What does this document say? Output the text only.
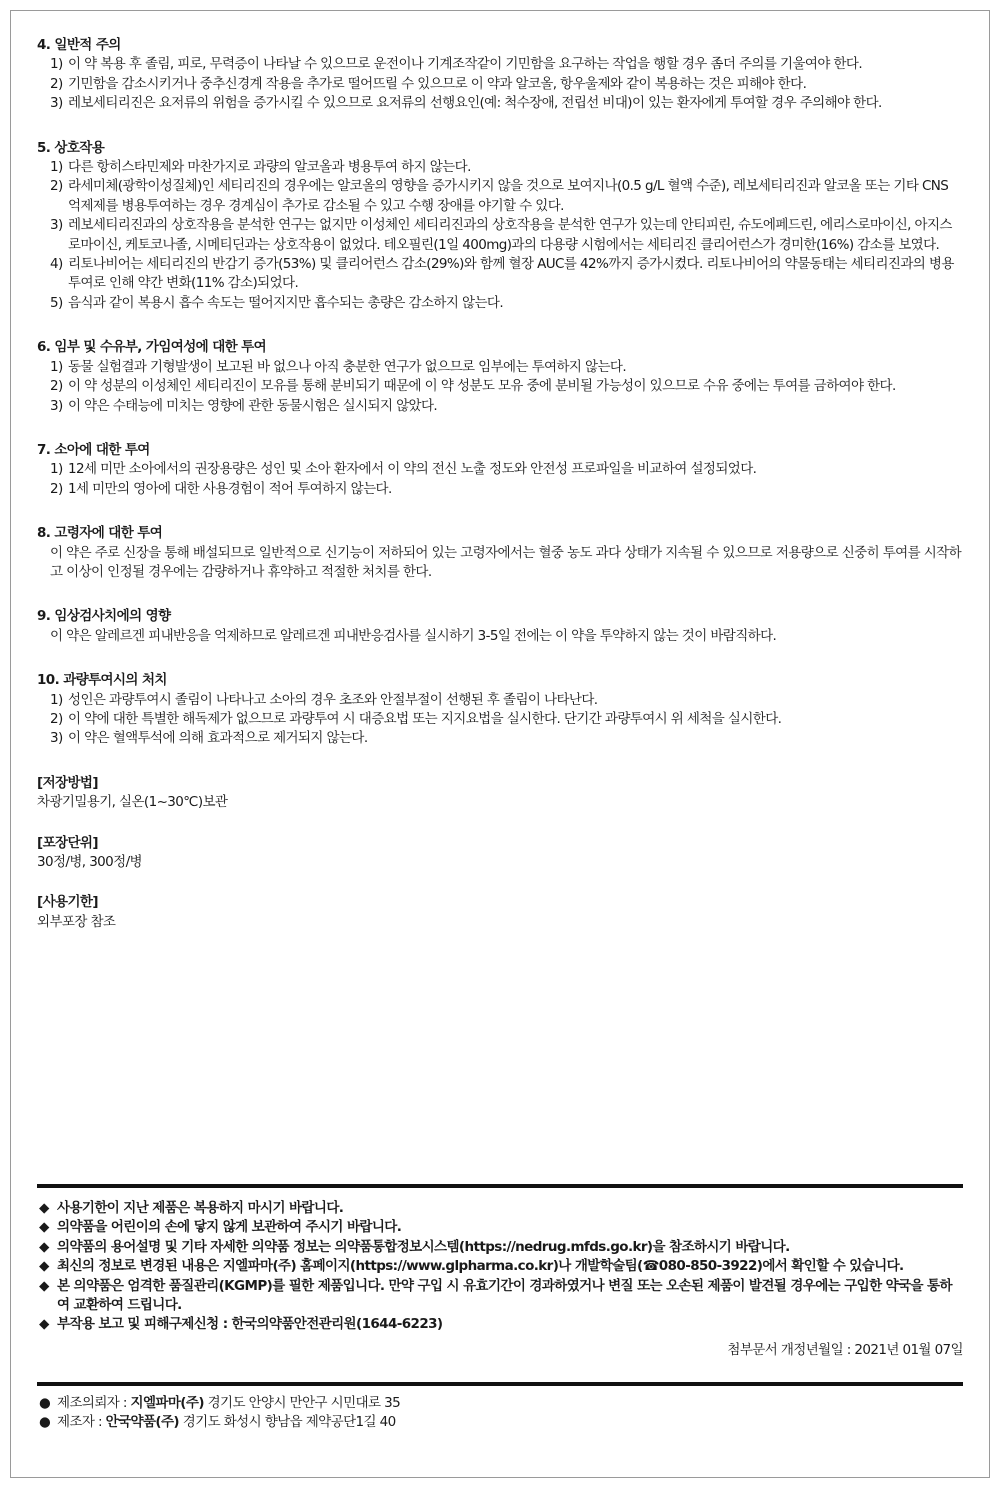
4. 일반적 주의

1) 이 약 복용 후 졸림, 피로, 무력증이 나타날 수 있으므로 운전이나 기계조작같이 기민함을 요구하는 작업을 행할 경우 좀더 주의를 기울여야 한다.

2) 기민함을 감소시키거나 중추신경계 작용을 추가로 떨어뜨릴 수 있으므로 이 약과 알코올, 항우울제와 같이 복용하는 것은 피해야 한다.

3) 레보세티리진은 요저류의 위험을 증가시킬 수 있으므로 요저류의 선행요인(예: 척수장애, 전립선 비대)이 있는 환자에게 투여할 경우 주의해야 한다.

5. 상호작용

1) 다른 항히스타민제와 마찬가지로 과량의 알코올과 병용투여 하지 않는다.

2) 라세미체(광학이성질체)인 세티리진의 경우에는 알코올의 영향을 증가시키지 않을 것으로 보여지나(0.5 g/L 혈액 수준), 레보세티리진과 알코올 또는 기타 CNS 억제제를 병용투여하는 경우 경계심이 추가로 감소될 수 있고 수행 장애를 야기할 수 있다.

3) 레보세티리진과의 상호작용을 분석한 연구는 없지만 이성체인 세티리진과의 상호작용을 분석한 연구가 있는데 안티피린, 슈도에페드린, 에리스로마이신, 아지스로마이신, 케토코나졸, 시메티딘과는 상호작용이 없었다. 테오필린(1일 400mg)과의 다용량 시험에서는 세티리진 클리어런스가 경미한(16%) 감소를 보였다.

4) 리토나비어는 세티리진의 반감기 증가(53%) 및 클리어런스 감소(29%)와 함께 혈장 AUC를 42%까지 증가시켰다. 리토나비어의 약물동태는 세티리진과의 병용투여로 인해 약간 변화(11% 감소)되었다.

5) 음식과 같이 복용시 흡수 속도는 떨어지지만 흡수되는 총량은 감소하지 않는다.

6. 임부 및 수유부, 가임여성에 대한 투여

1) 동물 실험결과 기형발생이 보고된 바 없으나 아직 충분한 연구가 없으므로 임부에는 투여하지 않는다.

2) 이 약 성분의 이성체인 세티리진이 모유를 통해 분비되기 때문에 이 약 성분도 모유 중에 분비될 가능성이 있으므로 수유 중에는 투여를 금하여야 한다.

3) 이 약은 수태능에 미치는 영향에 관한 동물시험은 실시되지 않았다.

7. 소아에 대한 투여

1) 12세 미만 소아에서의 권장용량은 성인 및 소아 환자에서 이 약의 전신 노출 정도와 안전성 프로파일을 비교하여 설정되었다.

2) 1세 미만의 영아에 대한 사용경험이 적어 투여하지 않는다.

8. 고령자에 대한 투여

이 약은 주로 신장을 통해 배설되므로 일반적으로 신기능이 저하되어 있는 고령자에서는 혈중 농도 과다 상태가 지속될 수 있으므로 저용량으로 신중히 투여를 시작하고 이상이 인정될 경우에는 감량하거나 휴약하고 적절한 처치를 한다.

9. 임상검사치에의 영향

이 약은 알레르겐 피내반응을 억제하므로 알레르겐 피내반응검사를 실시하기 3-5일 전에는 이 약을 투약하지 않는 것이 바람직하다.

10. 과량투여시의 처치

1) 성인은 과량투여시 졸림이 나타나고 소아의 경우 초조와 안절부절이 선행된 후 졸림이 나타난다.

2) 이 약에 대한 특별한 해독제가 없으므로 과량투여 시 대증요법 또는 지지요법을 실시한다. 단기간 과량투여시 위 세척을 실시한다.

3) 이 약은 혈액투석에 의해 효과적으로 제거되지 않는다.

[저장방법]

차광기밀용기, 실온(1~30℃)보관

[포장단위]

30정/병, 300정/병

[사용기한]

외부포장 참조

◆ 사용기한이 지난 제품은 복용하지 마시기 바랍니다.

◆ 의약품을 어린이의 손에 닿지 않게 보관하여 주시기 바랍니다.

◆ 의약품의 용어설명 및 기타 자세한 의약품 정보는 의약품통합정보시스템(https://nedrug.mfds.go.kr)을 참조하시기 바랍니다.

◆ 최신의 정보로 변경된 내용은 지엘파마(주) 홈페이지(https://www.glpharma.co.kr)나 개발학술팀(☎080-850-3922)에서 확인할 수 있습니다.

◆ 본 의약품은 엄격한 품질관리(KGMP)를 필한 제품입니다. 만약 구입 시 유효기간이 경과하였거나 변질 또는 오손된 제품이 발견될 경우에는 구입한 약국을 통하여 교환하여 드립니다.

◆ 부작용 보고 및 피해구제신청 : 한국의약품안전관리원(1644-6223)

첨부문서 개정년월일 : 2021년 01월 07일

● 제조의뢰자 : 지엘파마(주) 경기도 안양시 만안구 시민대로 35

● 제조자 : 안국약품(주) 경기도 화성시 향남읍 제약공단1길 40
